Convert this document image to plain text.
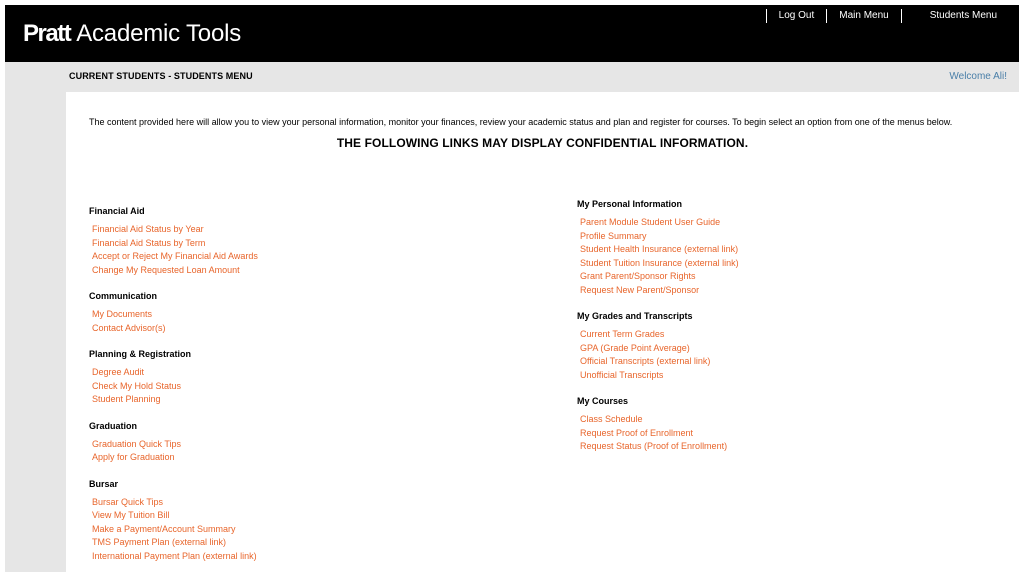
Pratt Academic Tools
Log Out	Main Menu	Students Menu
CURRENT STUDENTS - STUDENTS MENU	Welcome Ali!
The content provided here will allow you to view your personal information, monitor your finances, review your academic status and plan and register for courses. To begin select an option from one of the menus below.
THE FOLLOWING LINKS MAY DISPLAY CONFIDENTIAL INFORMATION.
Financial Aid
Financial Aid Status by Year
Financial Aid Status by Term
Accept or Reject My Financial Aid Awards
Change My Requested Loan Amount
Communication
My Documents
Contact Advisor(s)
Planning & Registration
Degree Audit
Check My Hold Status
Student Planning
Graduation
Graduation Quick Tips
Apply for Graduation
Bursar
Bursar Quick Tips
View My Tuition Bill
Make a Payment/Account Summary
TMS Payment Plan (external link)
International Payment Plan (external link)
My Personal Information
Parent Module Student User Guide
Profile Summary
Student Health Insurance (external link)
Student Tuition Insurance (external link)
Grant Parent/Sponsor Rights
Request New Parent/Sponsor
My Grades and Transcripts
Current Term Grades
GPA (Grade Point Average)
Official Transcripts (external link)
Unofficial Transcripts
My Courses
Class Schedule
Request Proof of Enrollment
Request Status (Proof of Enrollment)
